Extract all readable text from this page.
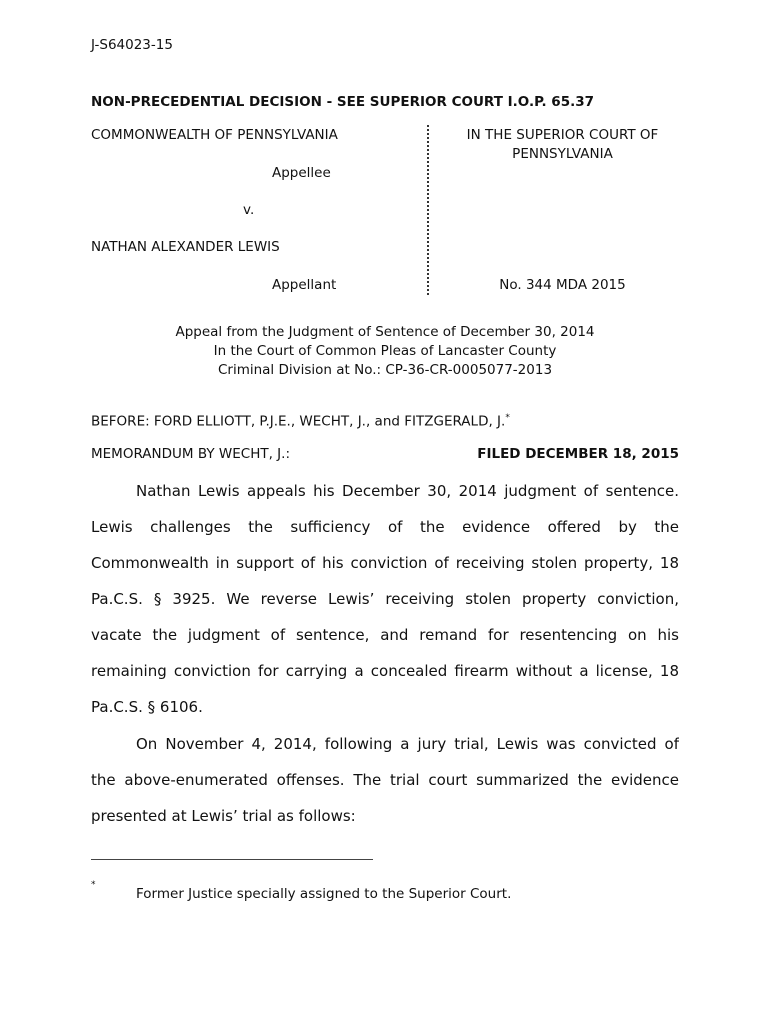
J-S64023-15
NON-PRECEDENTIAL DECISION - SEE SUPERIOR COURT I.O.P. 65.37
COMMONWEALTH OF PENNSYLVANIA
Appellee
v.
NATHAN ALEXANDER LEWIS
Appellant
IN THE SUPERIOR COURT OF
PENNSYLVANIA
No. 344 MDA 2015
Appeal from the Judgment of Sentence of December 30, 2014
In the Court of Common Pleas of Lancaster County
Criminal Division at No.: CP-36-CR-0005077-2013
BEFORE: FORD ELLIOTT, P.J.E., WECHT, J., and FITZGERALD, J.*
MEMORANDUM BY WECHT, J.:	FILED DECEMBER 18, 2015
Nathan Lewis appeals his December 30, 2014 judgment of sentence.
Lewis challenges the sufficiency of the evidence offered by the
Commonwealth in support of his conviction of receiving stolen property, 18
Pa.C.S. § 3925. We reverse Lewis’ receiving stolen property conviction,
vacate the judgment of sentence, and remand for resentencing on his
remaining conviction for carrying a concealed firearm without a license, 18
Pa.C.S. § 6106.
On November 4, 2014, following a jury trial, Lewis was convicted of
the above-enumerated offenses. The trial court summarized the evidence
presented at Lewis’ trial as follows:
*
Former Justice specially assigned to the Superior Court.
